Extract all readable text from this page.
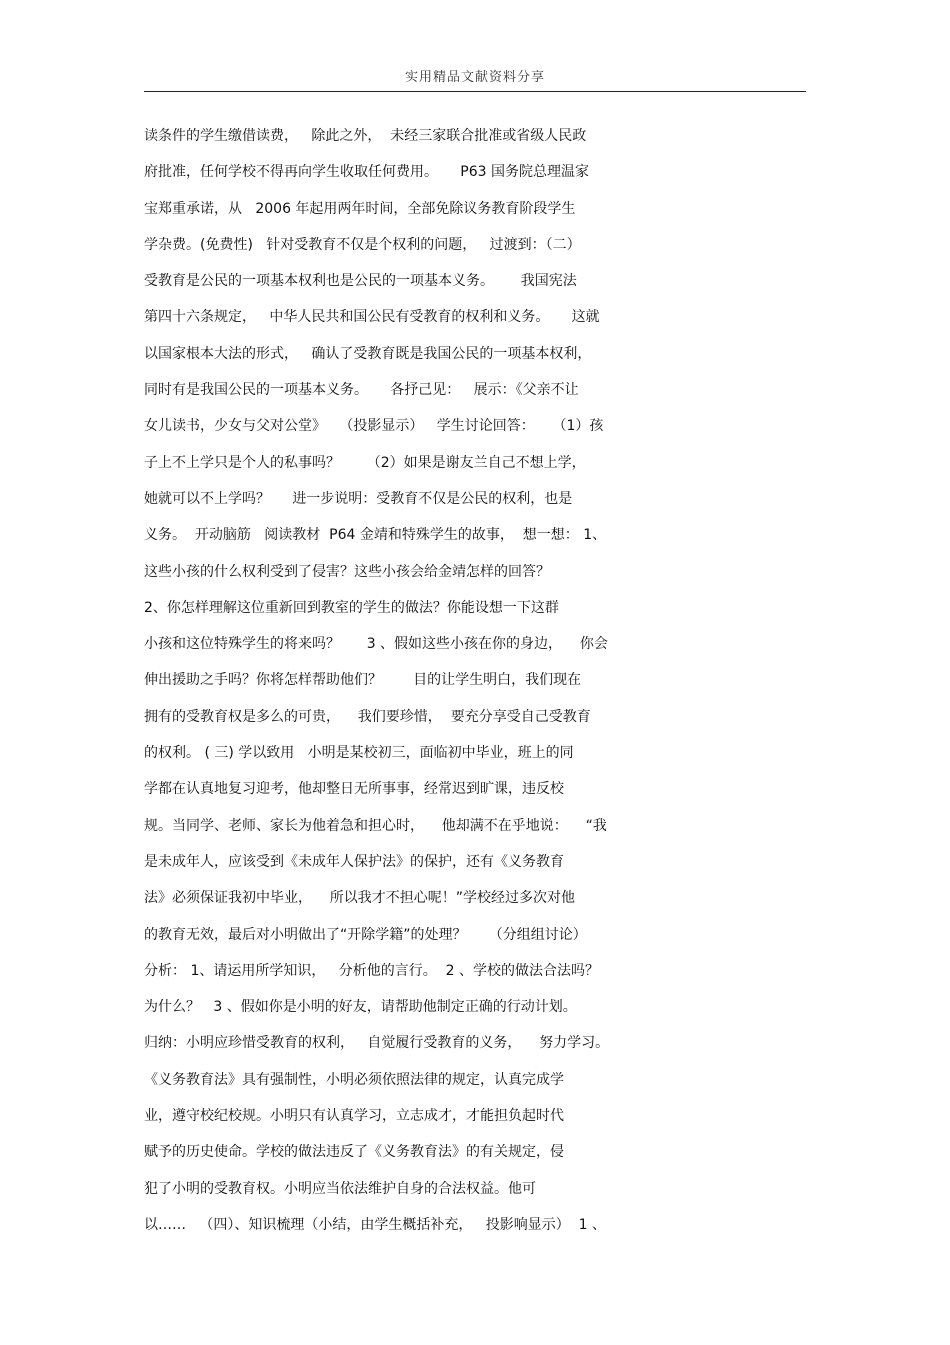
实用精品文献资料分享
读条件的学生缴借读费，   除此之外，  未经三家联合批准或省级人民政
府批准，任何学校不得再向学生收取任何费用。     P63 国务院总理温家
宝郑重承诺，从   2006 年起用两年时间，全部免除议务教育阶段学生
学杂费。(免费性)   针对受教育不仅是个权利的问题，   过渡到：（二）
受教育是公民的一项基本权利也是公民的一项基本义务。      我国宪法
第四十六条规定，   中华人民共和国公民有受教育的权利和义务。     这就
以国家根本大法的形式，   确认了受教育既是我国公民的一项基本权利，
同时有是我国公民的一项基本义务。     各抒己见：   展示：《父亲不让
女儿读书，少女与父对公堂》   （投影显示）   学生讨论回答：    （1）孩
子上不上学只是个人的私事吗？      （2）如果是谢友兰自己不想上学，
她就可以不上学吗？     进一步说明：受教育不仅是公民的权利，也是
义务。  开动脑筋   阅读教材  P64 金靖和特殊学生的故事，  想一想： 1、
这些小孩的什么权利受到了侵害？这些小孩会给金靖怎样的回答？
2、你怎样理解这位重新回到教室的学生的做法？你能设想一下这群
小孩和这位特殊学生的将来吗？      3 、假如这些小孩在你的身边，    你会
伸出援助之手吗？你将怎样帮助他们？       目的让学生明白，我们现在
拥有的受教育权是多么的可贵，    我们要珍惜，  要充分享受自己受教育
的权利。 ( 三) 学以致用   小明是某校初三，面临初中毕业，班上的同
学都在认真地复习迎考，他却整日无所事事，经常迟到旷课，违反校
规。当同学、老师、家长为他着急和担心时，    他却满不在乎地说：    “我
是未成年人，应该受到《未成年人保护法》的保护，还有《义务教育
法》必须保证我初中毕业，    所以我才不担心呢！”学校经过多次对他
的教育无效，最后对小明做出了“开除学籍”的处理？     （分组组讨论）
分析： 1、请运用所学知识，   分析他的言行。  2 、学校的做法合法吗？
为什么？   3 、假如你是小明的好友，请帮助他制定正确的行动计划。
归纳：小明应珍惜受教育的权利，   自觉履行受教育的义务，    努力学习。
《义务教育法》具有强制性，小明必须依照法律的规定，认真完成学
业，遵守校纪校规。小明只有认真学习，立志成才，才能担负起时代
赋予的历史使命。学校的做法违反了《义务教育法》的有关规定，侵
犯了小明的受教育权。小明应当依法维护自身的合法权益。他可
以……   （四）、知识梳理（小结，由学生概括补充，   投影响显示）  1 、
